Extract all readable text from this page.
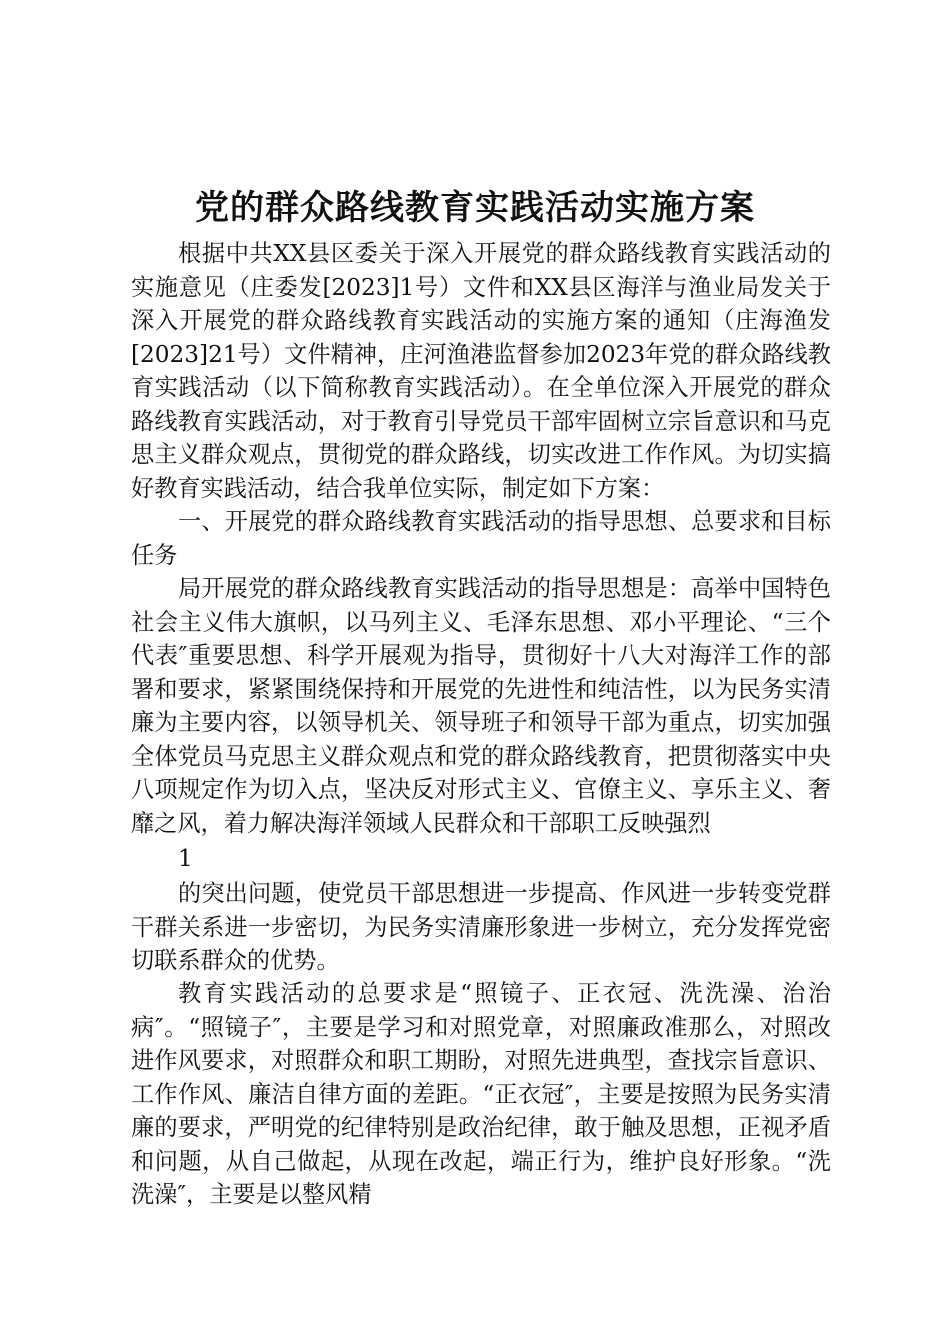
党的群众路线教育实践活动实施方案

根据中共XX县区委关于深入开展党的群众路线教育实践活动的实施意见（庄委发[2023]1号）文件和XX县区海洋与渔业局发关于深入开展党的群众路线教育实践活动的实施方案的通知（庄海渔发[2023]21号）文件精神，庄河渔港监督参加2023年党的群众路线教育实践活动（以下简称教育实践活动）。在全单位深入开展党的群众路线教育实践活动，对于教育引导党员干部牢固树立宗旨意识和马克思主义群众观点，贯彻党的群众路线，切实改进工作作风。为切实搞好教育实践活动，结合我单位实际，制定如下方案：

一、开展党的群众路线教育实践活动的指导思想、总要求和目标任务

局开展党的群众路线教育实践活动的指导思想是：高举中国特色社会主义伟大旗帜，以马列主义、毛泽东思想、邓小平理论、“三个代表″重要思想、科学开展观为指导，贯彻好十八大对海洋工作的部署和要求，紧紧围绕保持和开展党的先进性和纯洁性，以为民务实清廉为主要内容，以领导机关、领导班子和领导干部为重点，切实加强全体党员马克思主义群众观点和党的群众路线教育，把贯彻落实中央八项规定作为切入点，坚决反对形式主义、官僚主义、享乐主义、奢靡之风，着力解决海洋领域人民群众和干部职工反映强烈

1

的突出问题，使党员干部思想进一步提高、作风进一步转变党群干群关系进一步密切，为民务实清廉形象进一步树立，充分发挥党密切联系群众的优势。

教育实践活动的总要求是“照镜子、正衣冠、洗洗澡、治治病″。“照镜子″，主要是学习和对照党章，对照廉政准那么，对照改进作风要求，对照群众和职工期盼，对照先进典型，查找宗旨意识、工作作风、廉洁自律方面的差距。“正衣冠″，主要是按照为民务实清廉的要求，严明党的纪律特别是政治纪律，敢于触及思想，正视矛盾和问题，从自己做起，从现在改起，端正行为，维护良好形象。“洗洗澡″，主要是以整风精
